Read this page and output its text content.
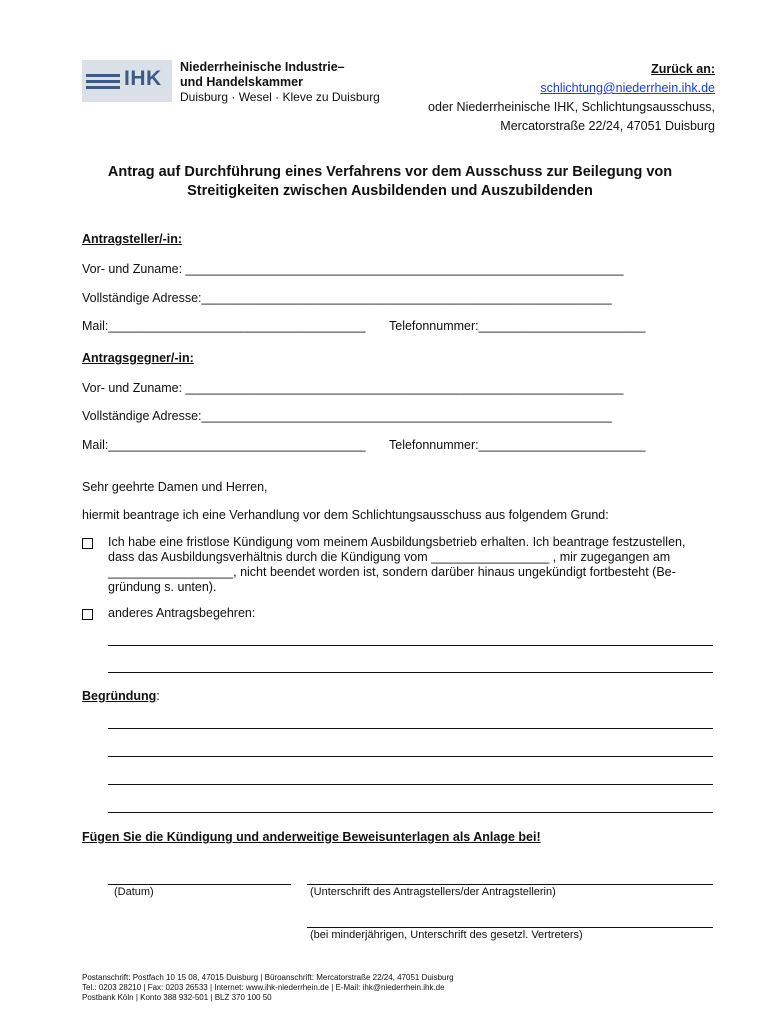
IHK Niederrheinische Industrie–
und Handelskammer
Duisburg · Wesel · Kleve zu Duisburg
Zurück an:
schlichtung@niederrhein.ihk.de
oder Niederrheinische IHK, Schlichtungsausschuss,
Mercatorstraße 22/24, 47051 Duisburg
Antrag auf Durchführung eines Verfahrens vor dem Ausschuss zur Beilegung von
Streitigkeiten zwischen Ausbildenden und Auszubildenden
Antragsteller/-in:
Vor- und Zuname: _______________________________________________________________
Vollständige Adresse:___________________________________________________________
Mail:_____________________________________ Telefonnummer:________________________
Antragsgegner/-in:
Vor- und Zuname: _______________________________________________________________
Vollständige Adresse:___________________________________________________________
Mail:_____________________________________ Telefonnummer:________________________
Sehr geehrte Damen und Herren,
hiermit beantrage ich eine Verhandlung vor dem Schlichtungsausschuss aus folgendem Grund:
Ich habe eine fristlose Kündigung vom meinem Ausbildungsbetrieb erhalten. Ich beantrage festzustellen,
dass das Ausbildungsverhältnis durch die Kündigung vom _________________ , mir zugegangen am
__________________, nicht beendet worden ist, sondern darüber hinaus ungekündigt fortbesteht (Be-
gründung s. unten).
anderes Antragsbegehren:
Begründung:
Fügen Sie die Kündigung und anderweitige Beweisunterlagen als Anlage bei!
(Datum)	(Unterschrift des Antragstellers/der Antragstellerin)
(bei minderjährigen, Unterschrift des gesetzl. Vertreters)
Postanschrift: Postfach 10 15 08, 47015 Duisburg | Büroanschrift: Mercatorstraße 22/24, 47051 Duisburg
Tel.: 0203 28210 | Fax: 0203 26533 | Internet: www.ihk-niederrhein.de | E-Mail: ihk@niederrhein.ihk.de
Postbank Köln | Konto 388 932-501 | BLZ 370 100 50
